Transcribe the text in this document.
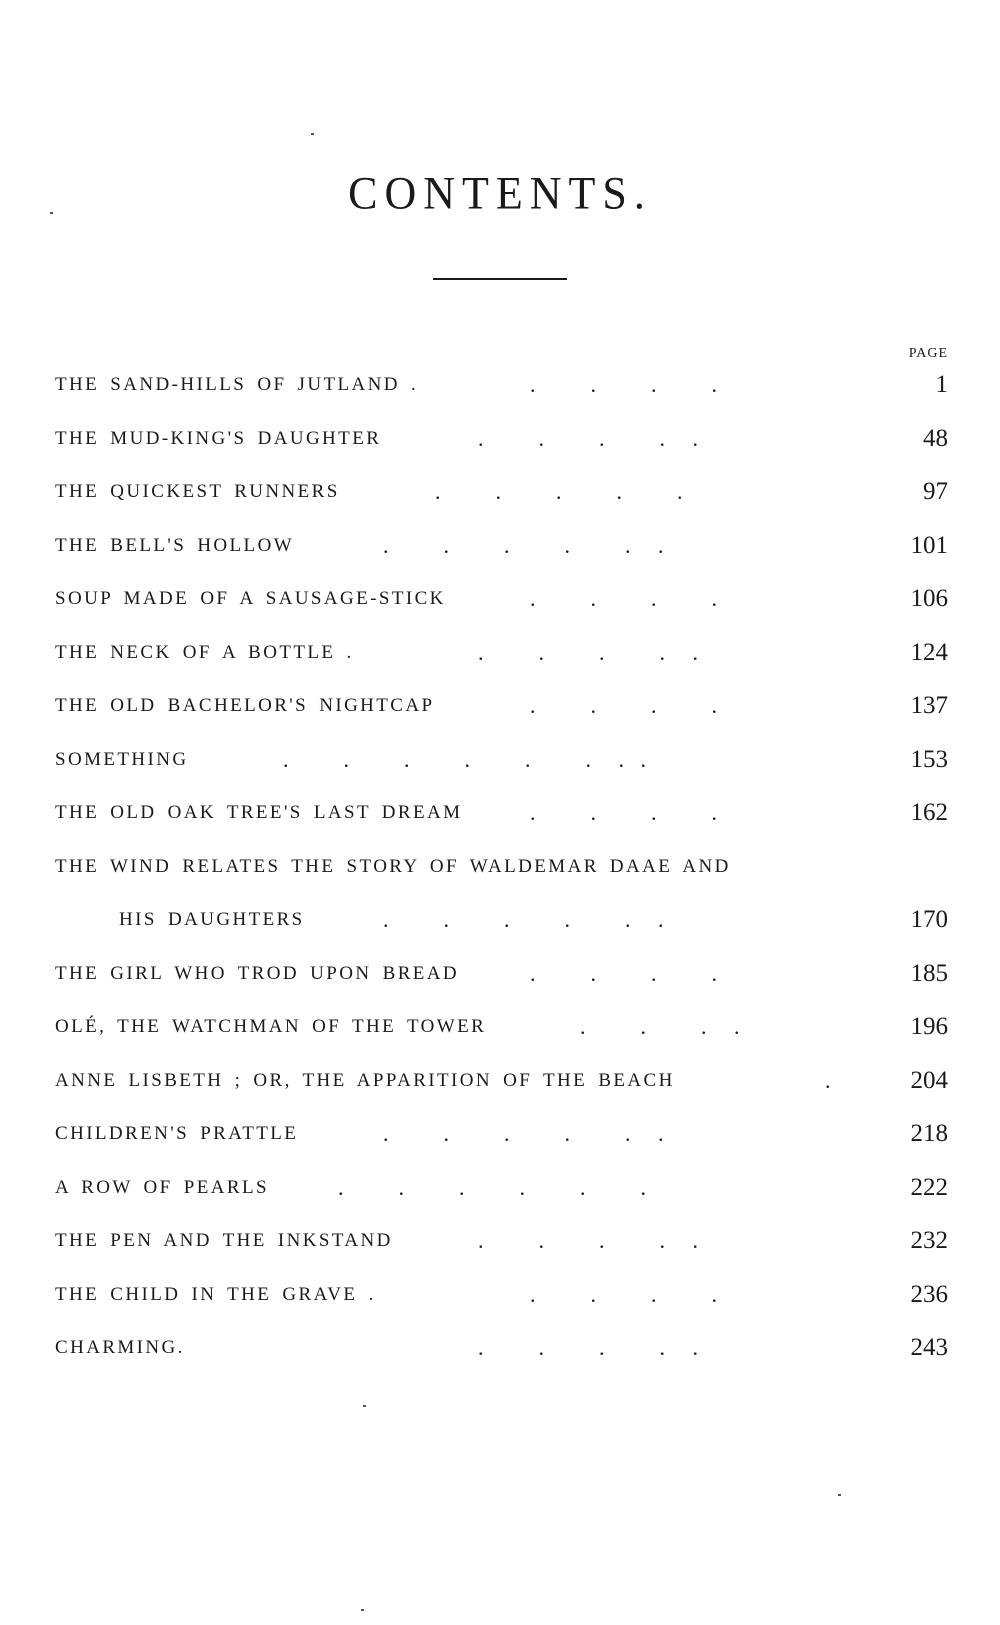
CONTENTS.
PAGE
THE SAND-HILLS OF JUTLAND .	.          .          .          .	1
THE MUD-KING'S DAUGHTER	.          .          .          .     .	48
THE QUICKEST RUNNERS	.          .          .          .          .	97
THE BELL'S HOLLOW	.          .          .          .          .     .	101
SOUP MADE OF A SAUSAGE-STICK	.          .          .          .	106
THE NECK OF A BOTTLE .	.          .          .          .     .	124
THE OLD BACHELOR'S NIGHTCAP	.          .          .          .	137
SOMETHING	.          .          .          .          .          .     .   .	153
THE OLD OAK TREE'S LAST DREAM	.          .          .          .	162
THE WIND RELATES THE STORY OF WALDEMAR DAAE AND
HIS DAUGHTERS	.          .          .          .          .     .	170
THE GIRL WHO TROD UPON BREAD	.          .          .          .	185
OLÉ, THE WATCHMAN OF THE TOWER	.          .          .     .	196
ANNE LISBETH ; OR, THE APPARITION OF THE BEACH	.	204
CHILDREN'S PRATTLE	.          .          .          .          .     .	218
A ROW OF PEARLS	.          .          .          .          .          .	222
THE PEN AND THE INKSTAND	.          .          .          .     .	232
THE CHILD IN THE GRAVE .	.          .          .          .	236
CHARMING.	.          .          .          .     .	243
